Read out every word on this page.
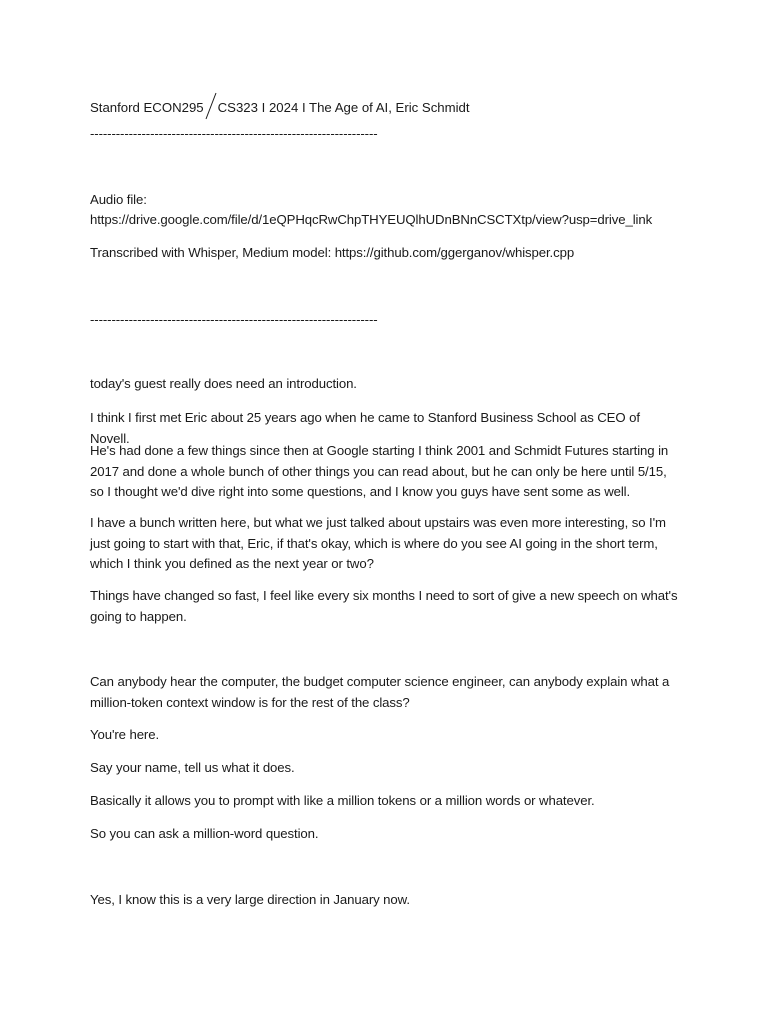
Stanford ECON295 CS323 I 2024 I The Age of AI, Eric Schmidt
-------------------------------------------------------------------
Audio file:
https://drive.google.com/file/d/1eQPHqcRwChpTHYEUQlhUDnBNnCSCTXtp/view?usp=drive_link
Transcribed with Whisper, Medium model: https://github.com/ggerganov/whisper.cpp
-------------------------------------------------------------------
today's guest really does need an introduction.
I think I first met Eric about 25 years ago when he came to Stanford Business School as CEO of Novell.
He's had done a few things since then at Google starting I think 2001 and Schmidt Futures starting in 2017 and done a whole bunch of other things you can read about, but he can only be here until 5/15, so I thought we'd dive right into some questions, and I know you guys have sent some as well.
I have a bunch written here, but what we just talked about upstairs was even more interesting, so I'm just going to start with that, Eric, if that's okay, which is where do you see AI going in the short term, which I think you defined as the next year or two?
Things have changed so fast, I feel like every six months I need to sort of give a new speech on what's going to happen.
Can anybody hear the computer, the budget computer science engineer, can anybody explain what a million-token context window is for the rest of the class?
You're here.
Say your name, tell us what it does.
Basically it allows you to prompt with like a million tokens or a million words or whatever.
So you can ask a million-word question.
Yes, I know this is a very large direction in January now.
